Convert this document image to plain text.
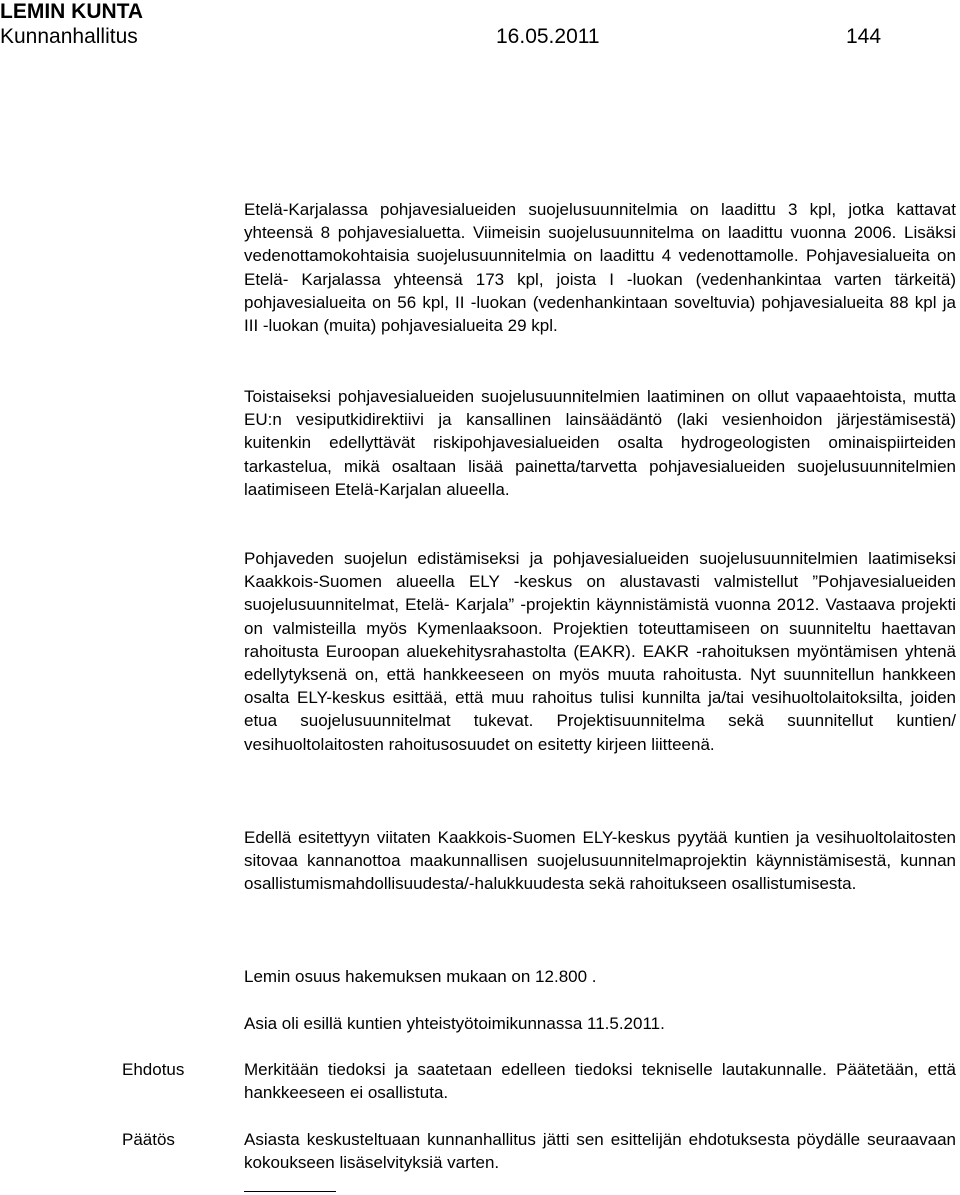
LEMIN KUNTA
Kunnanhallitus	16.05.2011	144

Etelä-Karjalassa pohjavesialueiden suojelusuunnitelmia on laadittu 3 kpl, jotka kattavat yhteensä 8 pohjavesialuetta. Viimeisin suojelusuunnitelma on laadittu vuonna 2006. Lisäksi vedenottamokohtaisia suojelusuunnitelmia on laadittu 4 vedenottamolle. Pohjavesialueita on Etelä- Karjalassa yhteensä 173 kpl, joista I -luokan (vedenhankintaa varten tärkeitä) pohjavesialueita on 56 kpl, II -luokan (vedenhankintaan soveltuvia) pohjavesialueita 88 kpl ja III -luokan (muita) pohjavesialueita 29 kpl.

Toistaiseksi pohjavesialueiden suojelusuunnitelmien laatiminen on ollut vapaaehtoista, mutta EU:n vesiputkidirektiivi ja kansallinen lainsäädäntö (laki vesienhoidon järjestämisestä) kuitenkin edellyttävät riskipohjavesialueiden osalta hydrogeologisten ominaispiirteiden tarkastelua, mikä osaltaan lisää painetta/tarvetta pohjavesialueiden suojelusuunnitelmien laatimiseen Etelä-Karjalan alueella.

Pohjaveden suojelun edistämiseksi ja pohjavesialueiden suojelusuunnitelmien laatimiseksi Kaakkois-Suomen alueella ELY -keskus on alustavasti valmistellut ”Pohjavesialueiden suojelusuunnitelmat, Etelä- Karjala” -projektin käynnistämistä vuonna 2012. Vastaava projekti on valmisteilla myös Kymenlaaksoon. Projektien toteuttamiseen on suunniteltu haettavan rahoitusta Euroopan aluekehitysrahastolta (EAKR). EAKR -rahoituksen myöntämisen yhtenä edellytyksenä on, että hankkeeseen on myös muuta rahoitusta. Nyt suunnitellun hankkeen osalta ELY-keskus esittää, että muu rahoitus tulisi kunnilta ja/tai vesihuoltolaitoksilta, joiden etua suojelusuunnitelmat tukevat. Projektisuunnitelma sekä suunnitellut kuntien/ vesihuoltolaitosten rahoitusosuudet on esitetty kirjeen liitteenä.

Edellä esitettyyn viitaten Kaakkois-Suomen ELY-keskus pyytää kuntien ja vesihuoltolaitosten sitovaa kannanottoa maakunnallisen suojelusuunnitelmaprojektin käynnistämisestä, kunnan osallistumismahdollisuudesta/-halukkuudesta sekä rahoitukseen osallistumisesta.

Lemin osuus hakemuksen mukaan on 12.800 .

Asia oli esillä kuntien yhteistyötoimikunnassa 11.5.2011.

Ehdotus	Merkitään tiedoksi ja saatetaan edelleen tiedoksi tekniselle lautakunnalle. Päätetään, että hankkeeseen ei osallistuta.

Päätös	Asiasta keskusteltuaan kunnanhallitus jätti sen esittelijän ehdotuksesta pöydälle seuraavaan kokoukseen lisäselvityksiä varten.
